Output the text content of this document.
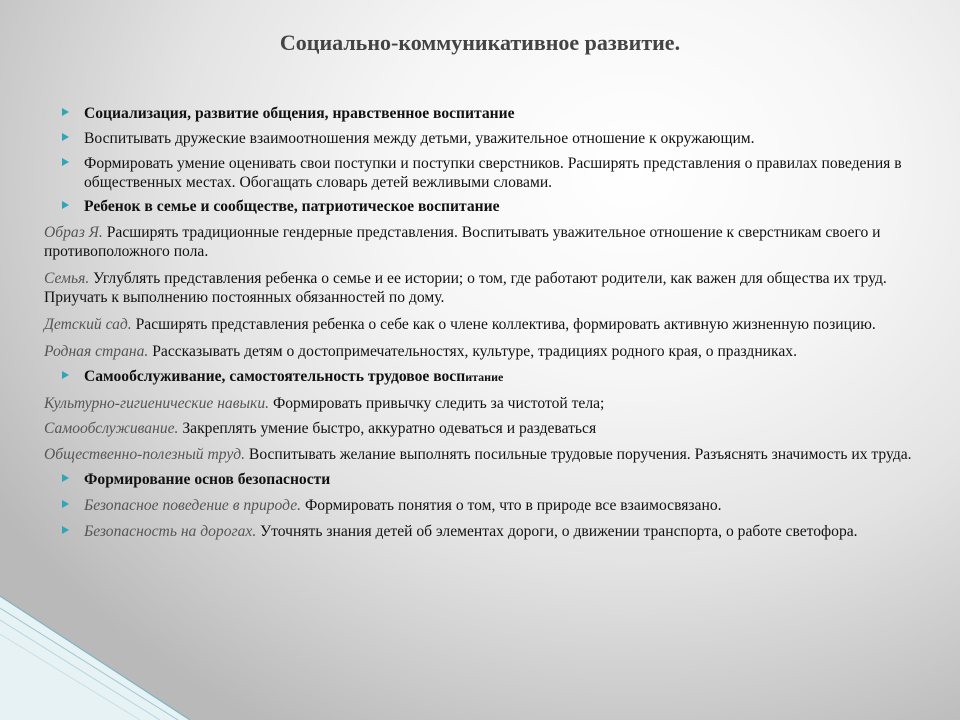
Социально-коммуникативное развитие.
Социализация, развитие общения, нравственное воспитание
Воспитывать дружеские взаимоотношения между детьми, уважительное отношение к окружающим.
Формировать умение оценивать свои поступки и поступки сверстников. Расширять представления о правилах поведения в общественных местах. Обогащать словарь детей вежливыми словами.
Ребенок в семье и сообществе, патриотическое воспитание
Образ Я. Расширять традиционные гендерные представления. Воспитывать уважительное отношение к сверстникам своего и противоположного пола.
Семья. Углублять представления ребенка о семье и ее истории; о том, где работают родители, как важен для общества их труд. Приучать к выполнению постоянных обязанностей по дому.
Детский сад. Расширять представления ребенка о себе как о члене коллектива, формировать активную жизненную позицию.
Родная страна. Рассказывать детям о достопримечательностях, культуре, традициях родного края, о праздниках.
Самообслуживание, самостоятельность трудовое воспитание
Культурно-гигиенические навыки. Формировать привычку следить за чистотой тела;
Самообслуживание. Закреплять умение быстро, аккуратно одеваться и раздеваться
Общественно-полезный труд. Воспитывать желание выполнять посильные трудовые поручения. Разъяснять значимость их труда.
Формирование основ безопасности
Безопасное поведение в природе. Формировать понятия о том, что в природе все взаимосвязано.
Безопасность на дорогах. Уточнять знания детей об элементах дороги, о движении транспорта, о работе светофора.
